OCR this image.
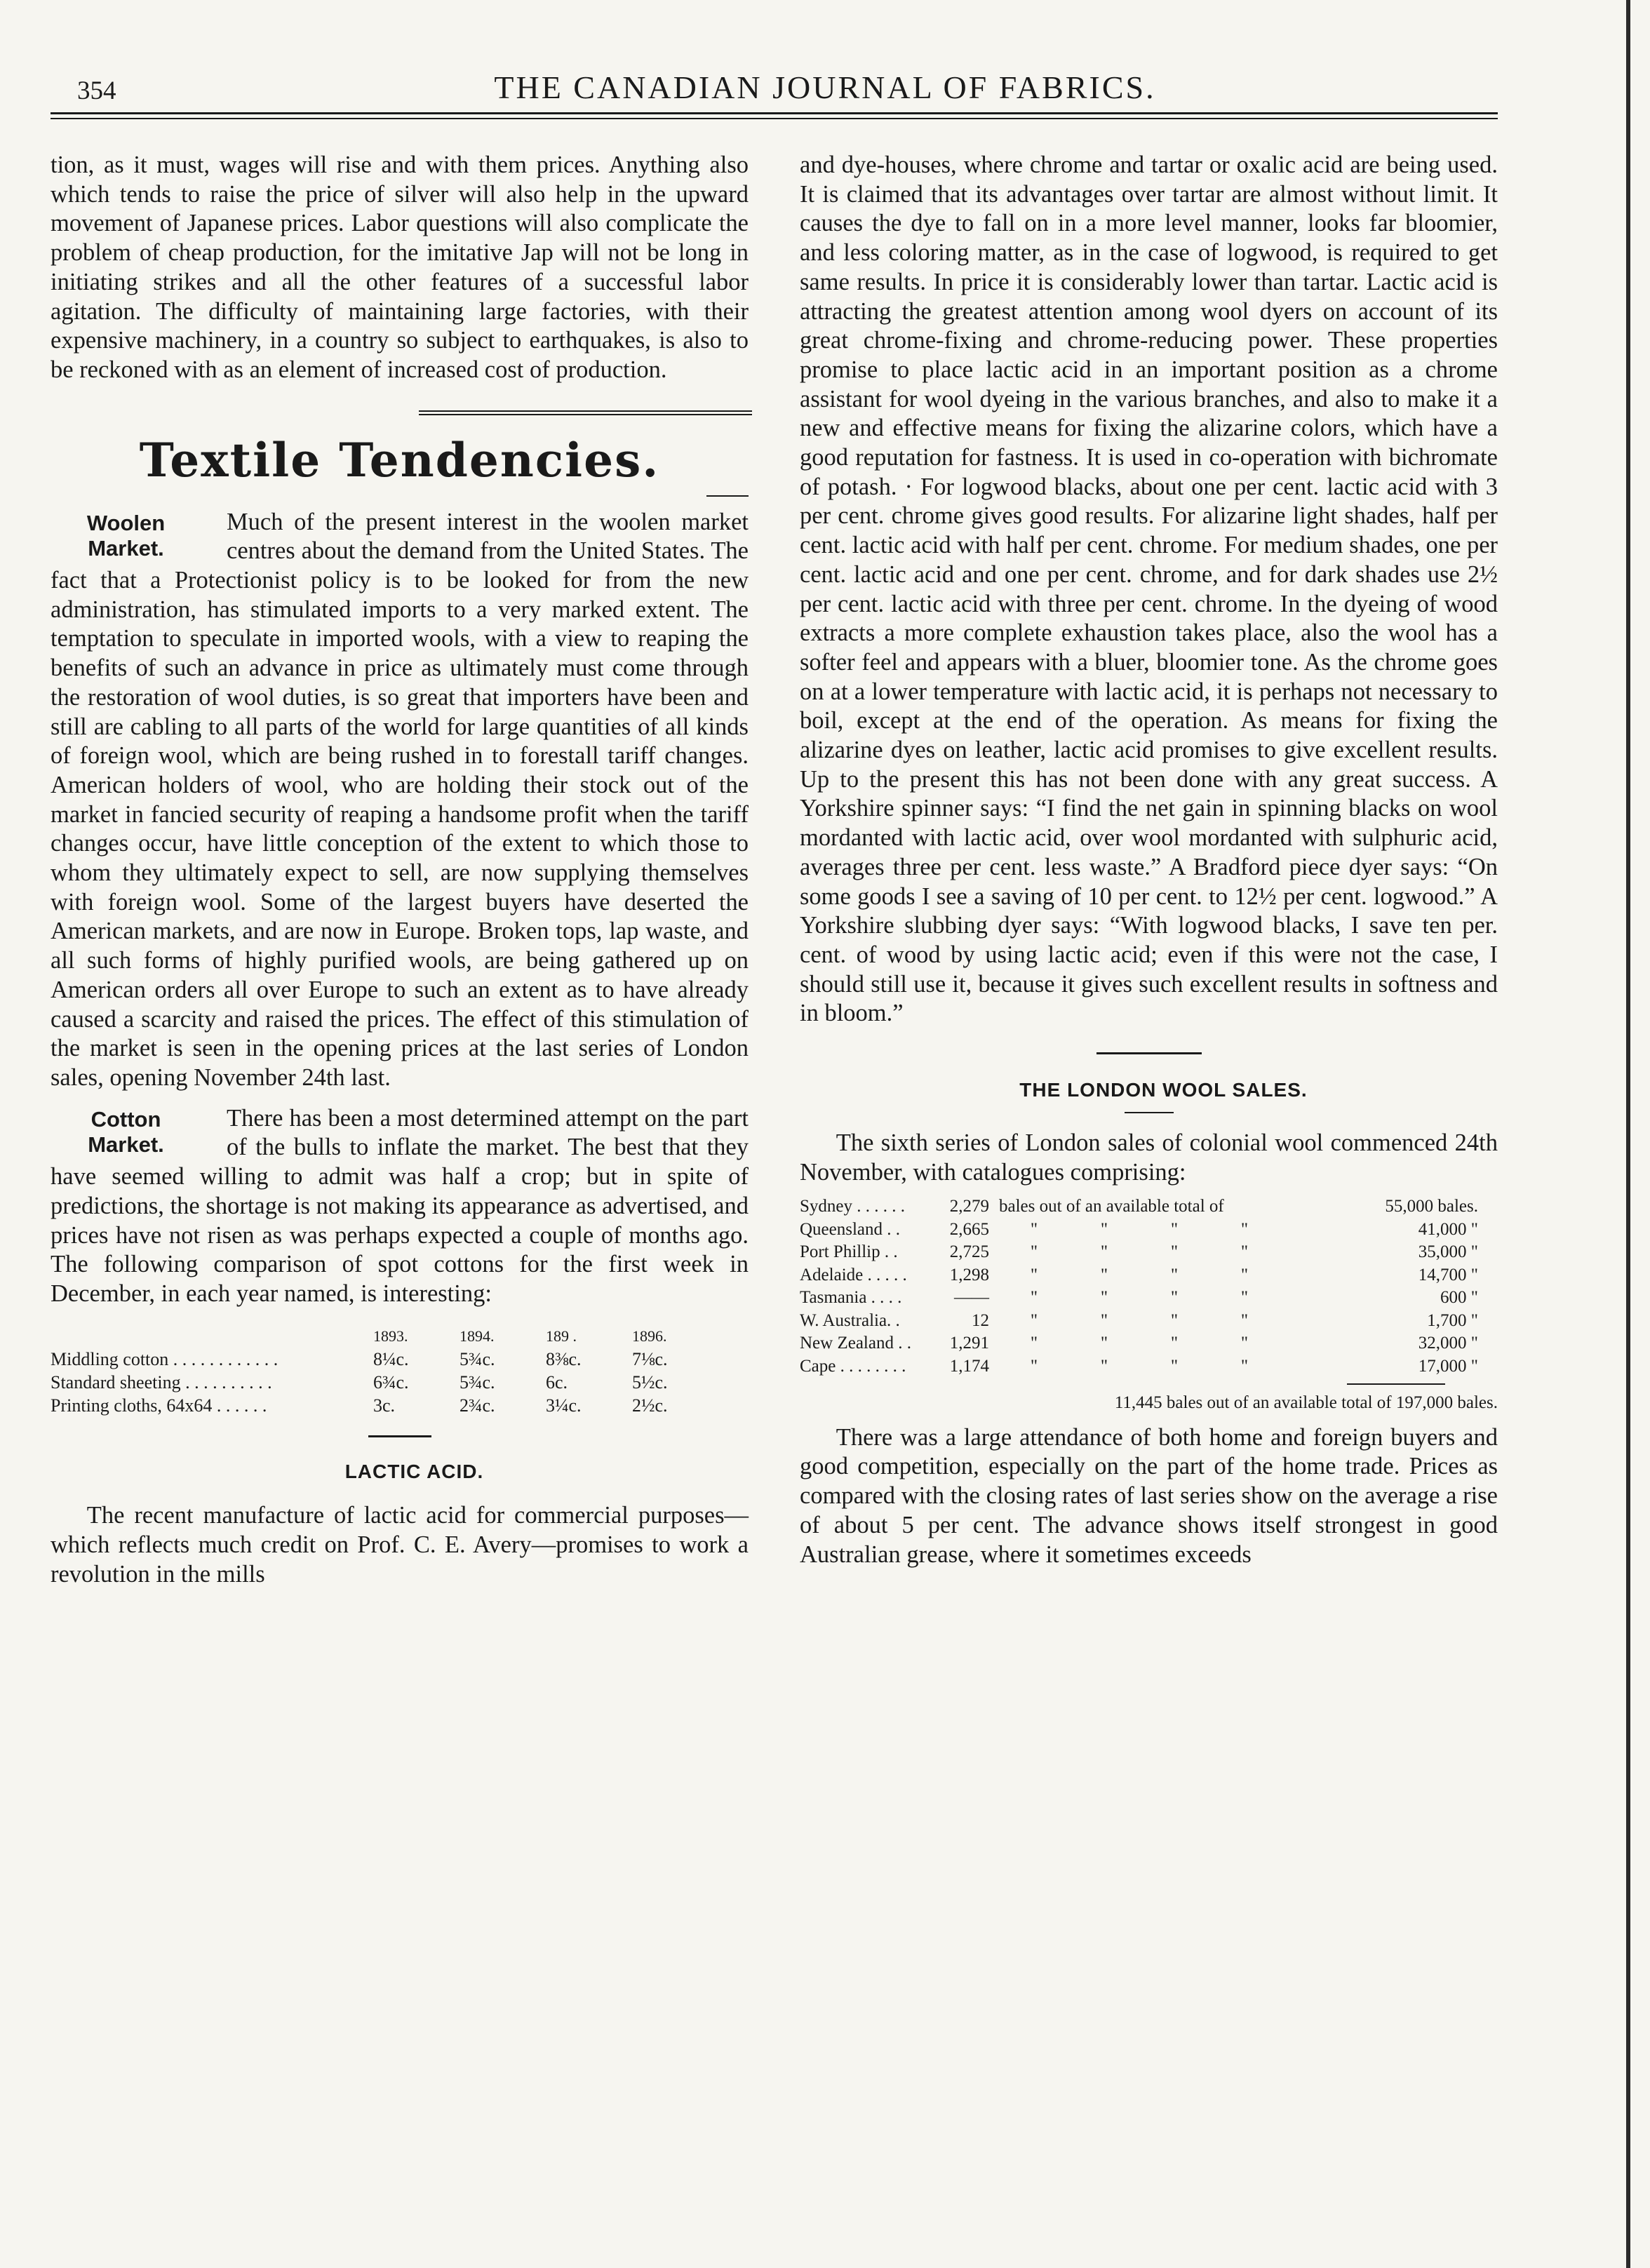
354	THE CANADIAN JOURNAL OF FABRICS.

tion, as it must, wages will rise and with them prices. Anything also which tends to raise the price of silver will also help in the upward movement of Japanese prices. Labor questions will also complicate the problem of cheap production, for the imitative Jap will not be long in initiating strikes and all the other features of a successful labor agitation. The difficulty of maintaining large factories, with their expensive machinery, in a country so subject to earthquakes, is also to be reckoned with as an element of increased cost of production.

Textile Tendencies.

Woolen
Market.
Much of the present interest in the woolen market centres about the demand from the United States. The fact that a Protectionist policy is to be looked for from the new administration, has stimulated imports to a very marked extent. The temptation to speculate in imported wools, with a view to reaping the benefits of such an advance in price as ultimately must come through the restoration of wool duties, is so great that importers have been and still are cabling to all parts of the world for large quantities of all kinds of foreign wool, which are being rushed in to forestall tariff changes. American holders of wool, who are holding their stock out of the market in fancied security of reaping a handsome profit when the tariff changes occur, have little conception of the extent to which those to whom they ultimately expect to sell, are now supplying themselves with foreign wool. Some of the largest buyers have deserted the American markets, and are now in Europe. Broken tops, lap waste, and all such forms of highly purified wools, are being gathered up on American orders all over Europe to such an extent as to have already caused a scarcity and raised the prices. The effect of this stimulation of the market is seen in the opening prices at the last series of London sales, opening November 24th last.

Cotton
Market.
There has been a most determined attempt on the part of the bulls to inflate the market. The best that they have seemed willing to admit was half a crop; but in spite of predictions, the shortage is not making its appearance as advertised, and prices have not risen as was perhaps expected a couple of months ago. The following comparison of spot cottons for the first week in December, in each year named, is interesting:

1893.	1894.	189 .	1896.
Middling cotton . . . . . . . . . . . .	8¼c.	5¾c.	8⅜c.	7⅛c.
Standard sheeting . . . . . . . . . .	6¾c.	5¾c.	6c.	5½c.
Printing cloths, 64x64 . . . . . .	3c.	2¾c.	3¼c.	2½c.

LACTIC ACID.

The recent manufacture of lactic acid for commercial purposes—which reflects much credit on Prof. C. E. Avery—promises to work a revolution in the mills

and dye-houses, where chrome and tartar or oxalic acid are being used. It is claimed that its advantages over tartar are almost without limit. It causes the dye to fall on in a more level manner, looks far bloomier, and less coloring matter, as in the case of logwood, is required to get same results. In price it is considerably lower than tartar. Lactic acid is attracting the greatest attention among wool dyers on account of its great chrome-fixing and chrome-reducing power. These properties promise to place lactic acid in an important position as a chrome assistant for wool dyeing in the various branches, and also to make it a new and effective means for fixing the alizarine colors, which have a good reputation for fastness. It is used in co-operation with bichromate of potash. · For logwood blacks, about one per cent. lactic acid with 3 per cent. chrome gives good results. For alizarine light shades, half per cent. lactic acid with half per cent. chrome. For medium shades, one per cent. lactic acid and one per cent. chrome, and for dark shades use 2½ per cent. lactic acid with three per cent. chrome. In the dyeing of wood extracts a more complete exhaustion takes place, also the wool has a softer feel and appears with a bluer, bloomier tone. As the chrome goes on at a lower temperature with lactic acid, it is perhaps not necessary to boil, except at the end of the operation. As means for fixing the alizarine dyes on leather, lactic acid promises to give excellent results. Up to the present this has not been done with any great success. A Yorkshire spinner says: “I find the net gain in spinning blacks on wool mordanted with lactic acid, over wool mordanted with sulphuric acid, averages three per cent. less waste.” A Bradford piece dyer says: “On some goods I see a saving of 10 per cent. to 12½ per cent. logwood.” A Yorkshire slubbing dyer says: “With logwood blacks, I save ten per. cent. of wood by using lactic acid; even if this were not the case, I should still use it, because it gives such excellent results in softness and in bloom.”

THE LONDON WOOL SALES.

The sixth series of London sales of colonial wool commenced 24th November, with catalogues comprising:

Sydney . . . . . .	2,279 bales out of an available total of	55,000 bales.
Queensland . .	2,665	"	"	"	"	41,000 "
Port Phillip . .	2,725	"	"	"	"	35,000 "
Adelaide . . . . .	1,298	"	"	"	"	14,700 "
Tasmania . . . .	——	"	"	"	"	600 "
W. Australia. .	12	"	"	"	"	1,700 "
New Zealand . .	1,291	"	"	"	"	32,000 "
Cape . . . . . . . .	1,174	"	"	"	"	17,000 "
11,445 bales out of an available total of 197,000 bales.

There was a large attendance of both home and foreign buyers and good competition, especially on the part of the home trade. Prices as compared with the closing rates of last series show on the average a rise of about 5 per cent. The advance shows itself strongest in good Australian grease, where it sometimes exceeds
